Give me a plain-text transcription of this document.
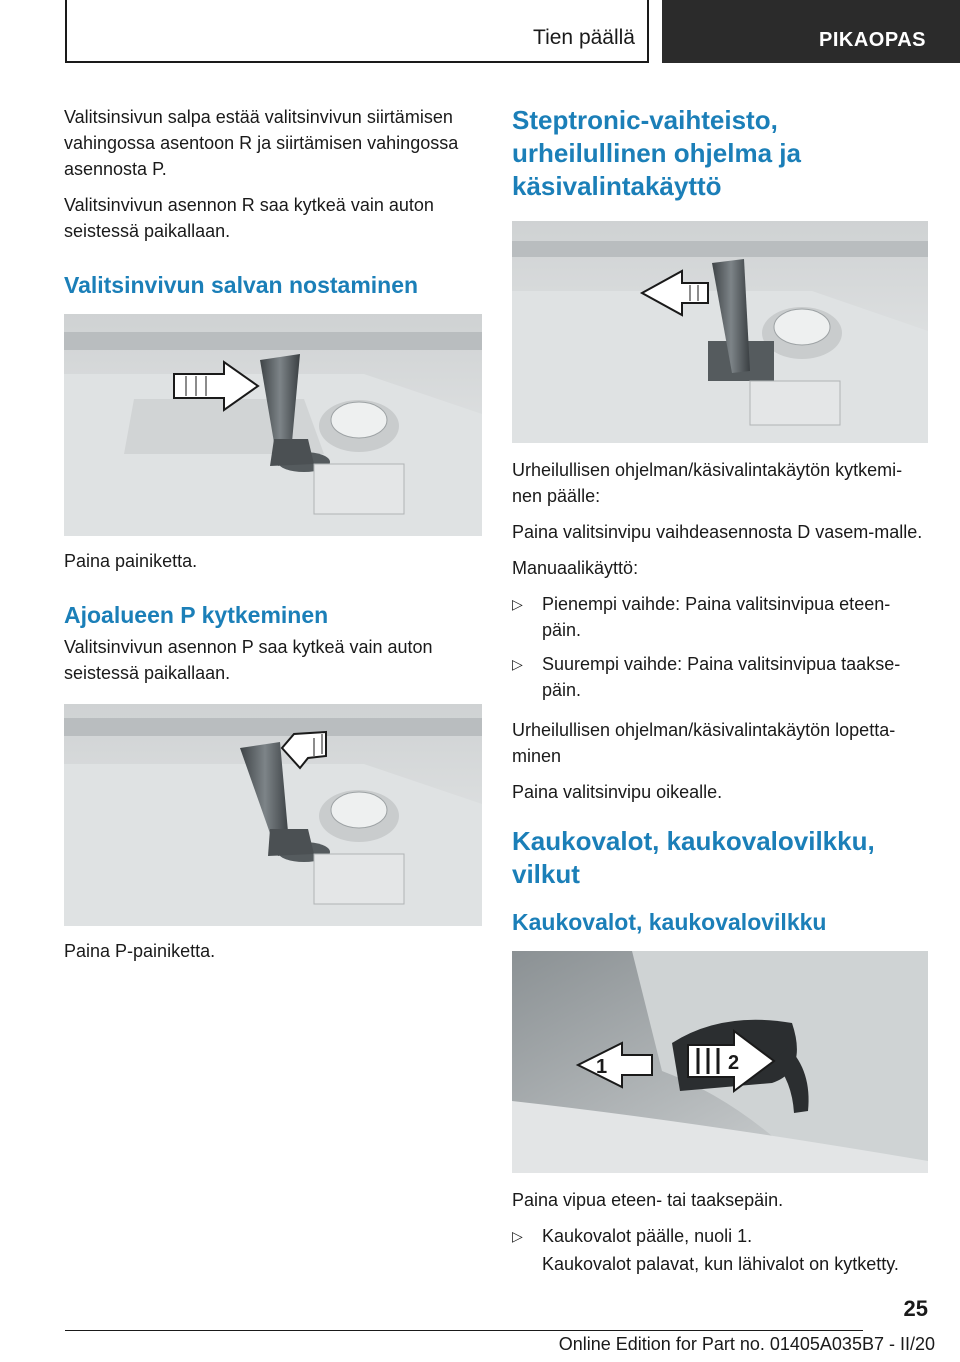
Tien päällä	PIKAOPAS

Valitsinsivun salpa estää valitsinvivun siirtämisen vahingossa asentoon R ja siirtämisen vahingossa asennosta P.

Valitsinvivun asennon R saa kytkeä vain auton seistessä paikallaan.

Valitsinvivun salvan nostaminen

Paina painiketta.

Ajoalueen P kytkeminen

Valitsinvivun asennon P saa kytkeä vain auton seistessä paikallaan.

Paina P-painiketta.

Steptronic-vaihteisto, urheilullinen ohjelma ja käsivalintakäyttö

Urheilullisen ohjelman/käsivalintakäytön kytkemi-nen päälle:

Paina valitsinvipu vaihdeasennosta D vasem-malle.

Manuaalikäyttö:

▷ Pienempi vaihde: Paina valitsinvipua eteen-päin.
▷ Suurempi vaihde: Paina valitsinvipua taakse-päin.

Urheilullisen ohjelman/käsivalintakäytön lopetta-minen

Paina valitsinvipu oikealle.

Kaukovalot, kaukovalovilkku, vilkut
Kaukovalot, kaukovalovilkku
1	2

Paina vipua eteen- tai taaksepäin.

▷ Kaukovalot päälle, nuoli 1.

Kaukovalot palavat, kun lähivalot on kytketty.

25
Online Edition for Part no. 01405A035B7 - II/20
